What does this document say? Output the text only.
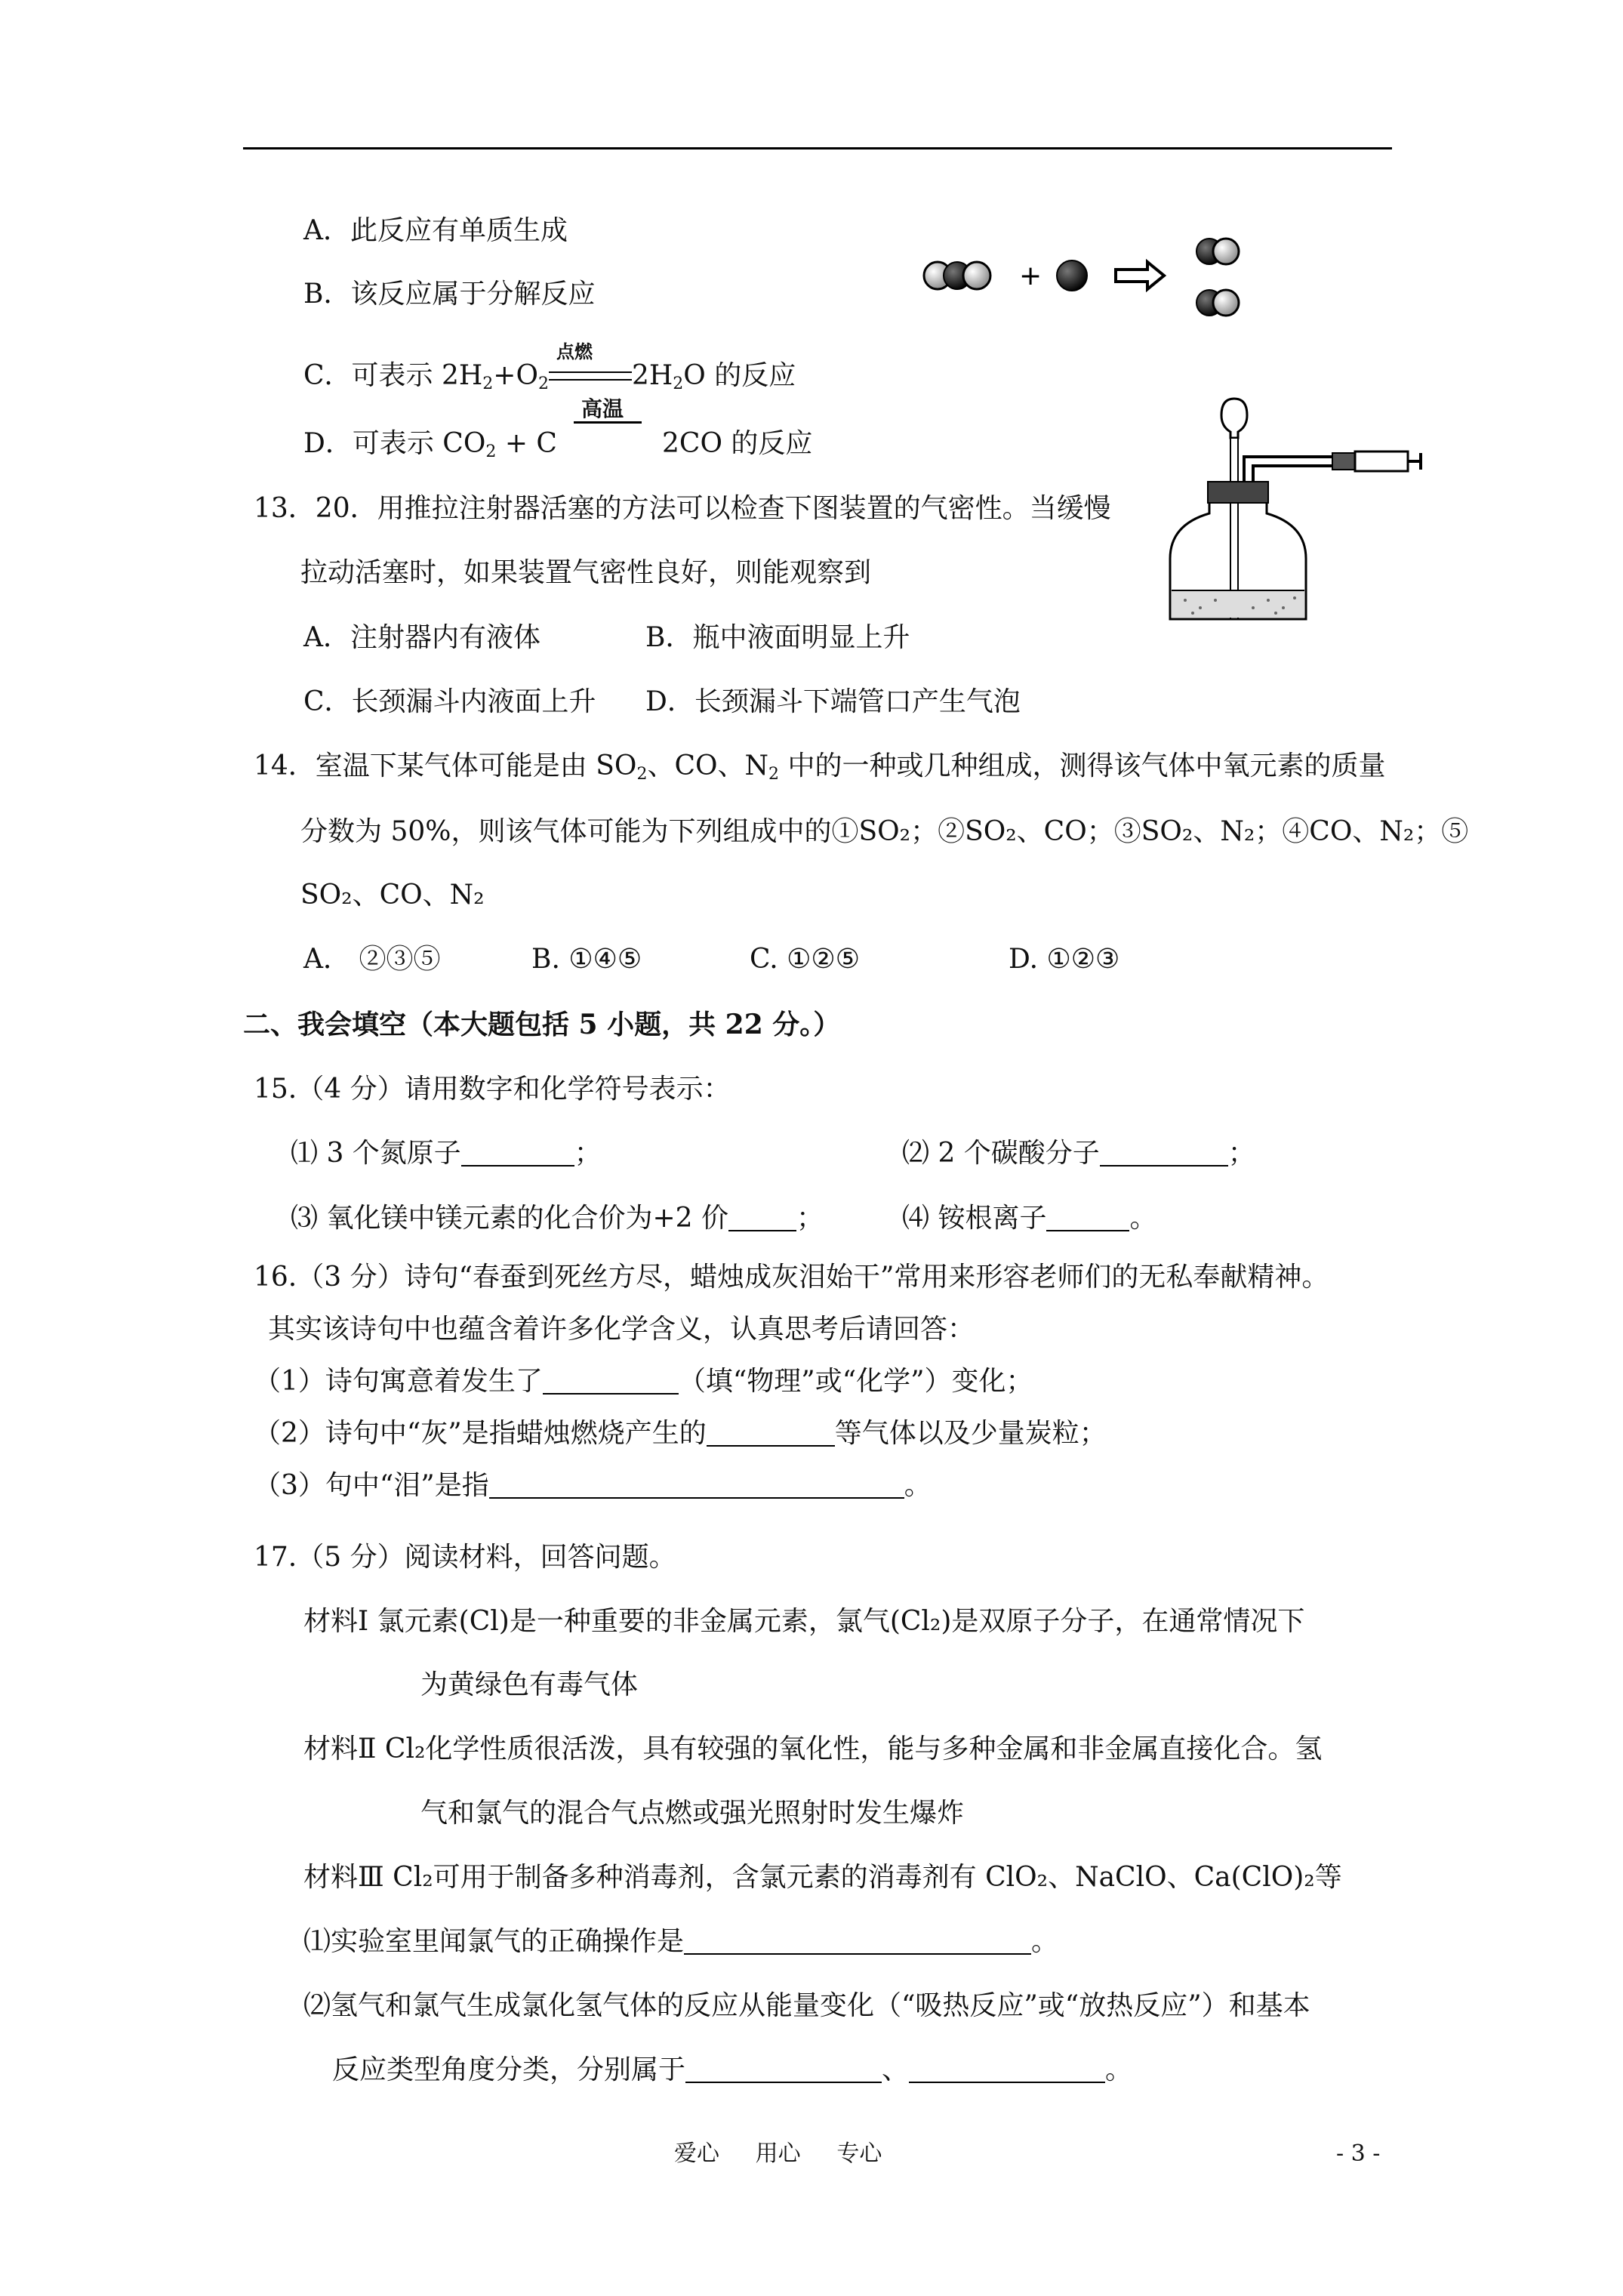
A．此反应有单质生成
B．该反应属于分解反应
C．可表示 $2H_2+O_2$
点燃
$2H_2O$ 的反应
D．可表示 $CO_2 + C$
高温
2CO 的反应
+
13．20．用推拉注射器活塞的方法可以检查下图装置的气密性。当缓慢
拉动活塞时，如果装置气密性良好，则能观察到
A．注射器内有液体	B．瓶中液面明显上升
C．长颈漏斗内液面上升 D．长颈漏斗下端管口产生气泡
14．室温下某气体可能是由 $SO_2$、CO、$N_2$ 中的一种或几种组成，测得该气体中氧元素的质量
分数为 50%，则该气体可能为下列组成中的①SO₂；②SO₂、CO；③SO₂、N₂；④CO、N₂；⑤
SO₂、CO、N₂
A． ②③⑤	B. ①④⑤	C. ①②⑤	D. ①②③
二、我会填空（本大题包括 5 小题，共 22 分。）
15.（4 分）请用数字和化学符号表示：
⑴ 3 个氮原子	；	⑵ 2 个碳酸分子	；
⑶ 氧化镁中镁元素的化合价为+2 价	；	⑷ 铵根离子	。
16.（3 分）诗句“春蚕到死丝方尽，蜡烛成灰泪始干”常用来形容老师们的无私奉献精神。
其实该诗句中也蕴含着许多化学含义，认真思考后请回答：
（1）诗句寓意着发生了	（填“物理”或“化学”）变化；
（2）诗句中“灰”是指蜡烛燃烧产生的	等气体以及少量炭粒；
（3）句中“泪”是指	。
17.（5 分）阅读材料，回答问题。
材料Ⅰ 氯元素(Cl)是一种重要的非金属元素，氯气(Cl₂)是双原子分子，在通常情况下
为黄绿色有毒气体
材料Ⅱ Cl₂化学性质很活泼，具有较强的氧化性，能与多种金属和非金属直接化合。氢
气和氯气的混合气点燃或强光照射时发生爆炸
材料Ⅲ Cl₂可用于制备多种消毒剂，含氯元素的消毒剂有 ClO₂、NaClO、Ca(ClO)₂等
⑴实验室里闻氯气的正确操作是	。
⑵氢气和氯气生成氯化氢气体的反应从能量变化（“吸热反应”或“放热反应”）和基本
反应类型角度分类，分别属于	、	。
爱心     用心     专心	- 3 -
